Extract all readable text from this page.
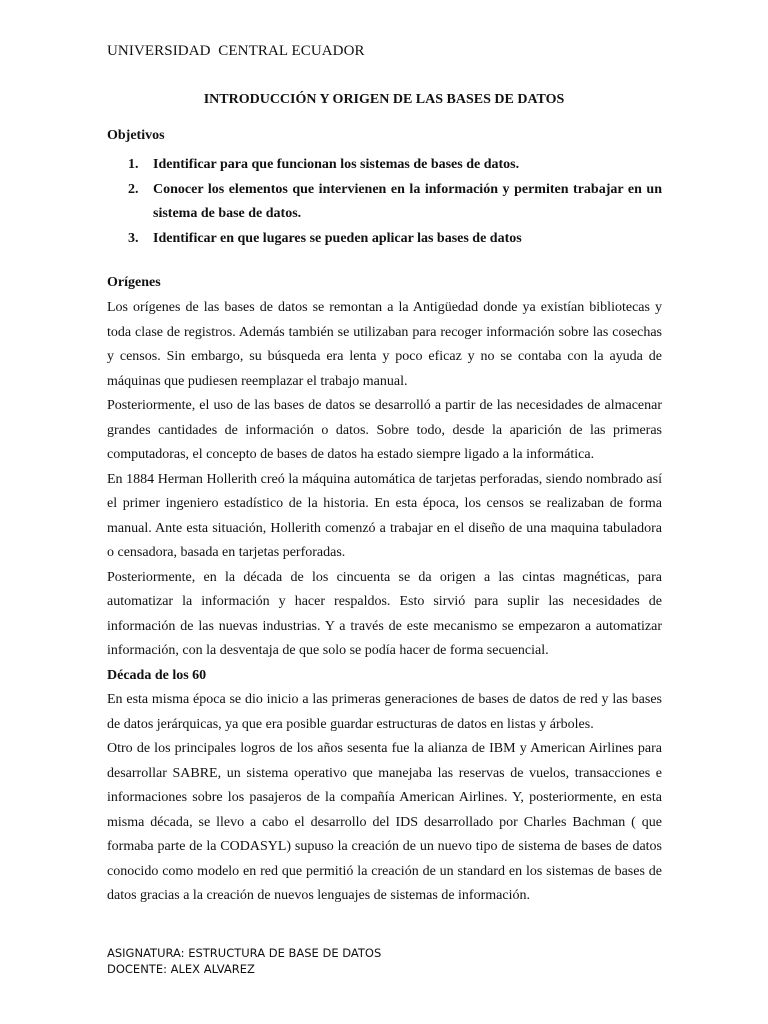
UNIVERSIDAD  CENTRAL ECUADOR
INTRODUCCIÓN Y ORIGEN DE LAS BASES DE DATOS
Objetivos
1. Identificar para que funcionan los sistemas de bases de datos.
2. Conocer los elementos que intervienen en la información y permiten trabajar en un sistema de base de datos.
3. Identificar en que lugares se pueden aplicar las bases de datos
Orígenes

Los orígenes de las bases de datos se remontan a la Antigüedad donde ya existían bibliotecas y toda clase de registros. Además también se utilizaban para recoger información sobre las cosechas y censos. Sin embargo, su búsqueda era lenta y poco eficaz y no se contaba con la ayuda de máquinas que pudiesen reemplazar el trabajo manual.

Posteriormente, el uso de las bases de datos se desarrolló a partir de las necesidades de almacenar grandes cantidades de información o datos. Sobre todo, desde la aparición de las primeras computadoras, el concepto de bases de datos ha estado siempre ligado a la informática.

En 1884 Herman Hollerith creó la máquina automática de tarjetas perforadas, siendo nombrado así el primer ingeniero estadístico de la historia. En esta época, los censos se realizaban de forma manual. Ante esta situación, Hollerith comenzó a trabajar en el diseño de una maquina tabuladora o censadora, basada en tarjetas perforadas.

Posteriormente, en la década de los cincuenta se da origen a las cintas magnéticas, para automatizar la información y hacer respaldos. Esto sirvió para suplir las necesidades de información de las nuevas industrias. Y a través de este mecanismo se empezaron a automatizar información, con la desventaja de que solo se podía hacer de forma secuencial.

Década de los 60

En esta misma época se dio inicio a las primeras generaciones de bases de datos de red y las bases de datos jerárquicas, ya que era posible guardar estructuras de datos en listas y árboles.

Otro de los principales logros de los años sesenta fue la alianza de IBM y American Airlines para desarrollar SABRE, un sistema operativo que manejaba las reservas de vuelos, transacciones e informaciones sobre los pasajeros de la compañía American Airlines. Y, posteriormente, en esta misma década, se llevo a cabo el desarrollo del IDS desarrollado por Charles Bachman ( que formaba parte de la CODASYL) supuso la creación de un nuevo tipo de sistema de bases de datos conocido como modelo en red que permitió la creación de un standard en los sistemas de bases de datos gracias a la creación de nuevos lenguajes de sistemas de información.

ASIGNATURA: ESTRUCTURA DE BASE DE DATOS
DOCENTE: ALEX ALVAREZ
